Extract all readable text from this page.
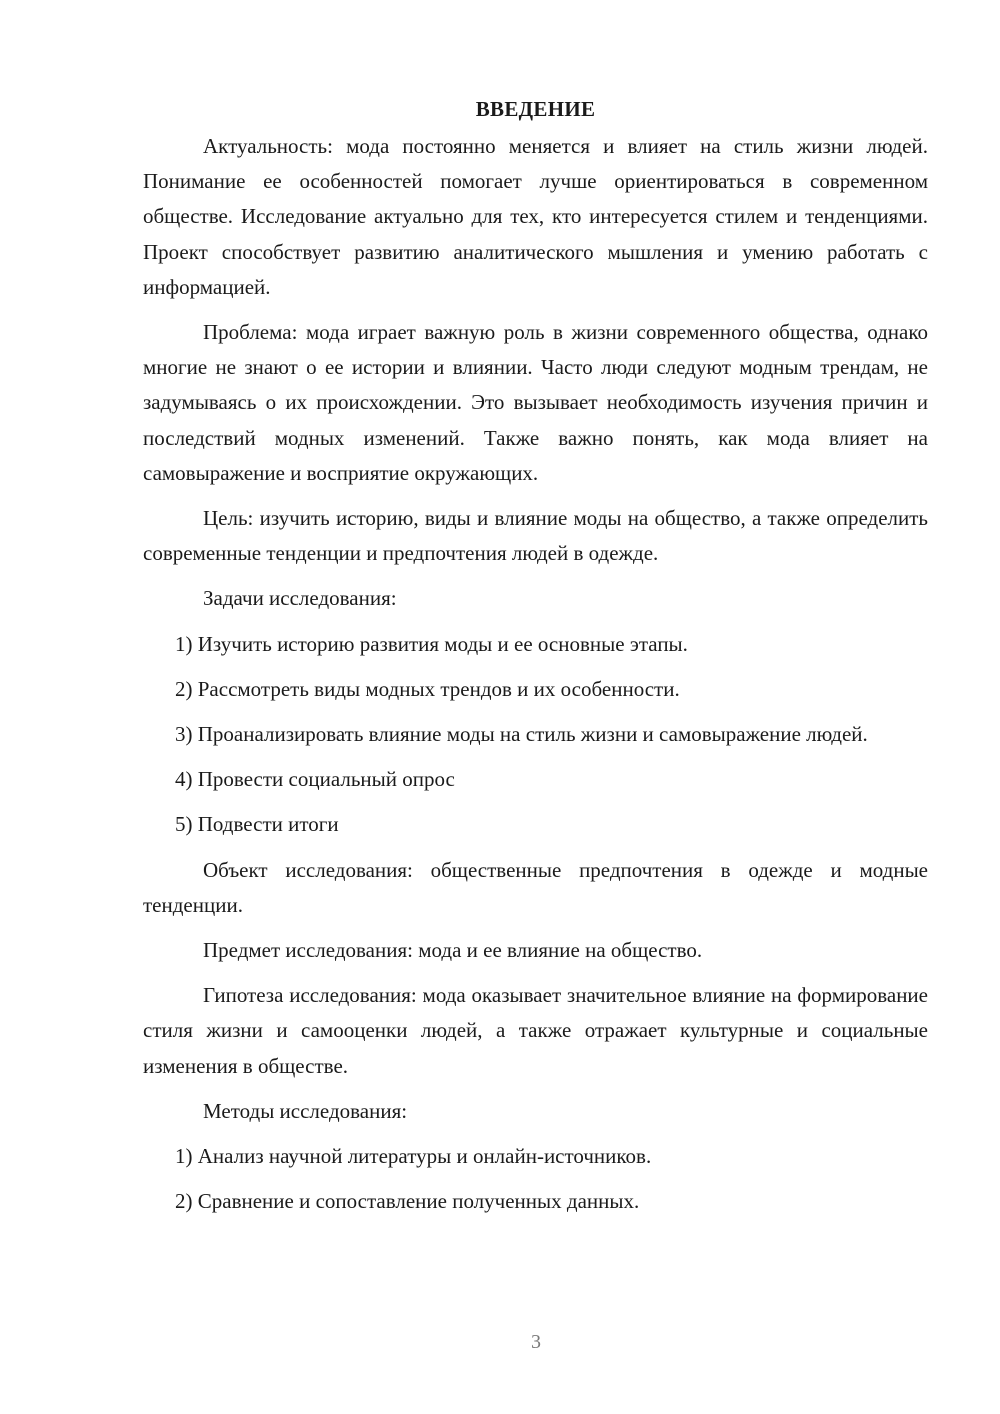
ВВЕДЕНИЕ

Актуальность: мода постоянно меняется и влияет на стиль жизни людей. Понимание ее особенностей помогает лучше ориентироваться в современном обществе. Исследование актуально для тех, кто интересуется стилем и тенденциями. Проект способствует развитию аналитического мышления и умению работать с информацией.

Проблема: мода играет важную роль в жизни современного общества, однако многие не знают о ее истории и влиянии. Часто люди следуют модным трендам, не задумываясь о их происхождении. Это вызывает необходимость изучения причин и последствий модных изменений. Также важно понять, как мода влияет на самовыражение и восприятие окружающих.

Цель: изучить историю, виды и влияние моды на общество, а также определить современные тенденции и предпочтения людей в одежде.

Задачи исследования:

1) Изучить историю развития моды и ее основные этапы.

2) Рассмотреть виды модных трендов и их особенности.

3) Проанализировать влияние моды на стиль жизни и самовыражение людей.

4) Провести социальный опрос

5) Подвести итоги

Объект исследования: общественные предпочтения в одежде и модные тенденции.

Предмет исследования: мода и ее влияние на общество.

Гипотеза исследования: мода оказывает значительное влияние на формирование стиля жизни и самооценки людей, а также отражает культурные и социальные изменения в обществе.

Методы исследования:

1) Анализ научной литературы и онлайн-источников.

2) Сравнение и сопоставление полученных данных.

3
